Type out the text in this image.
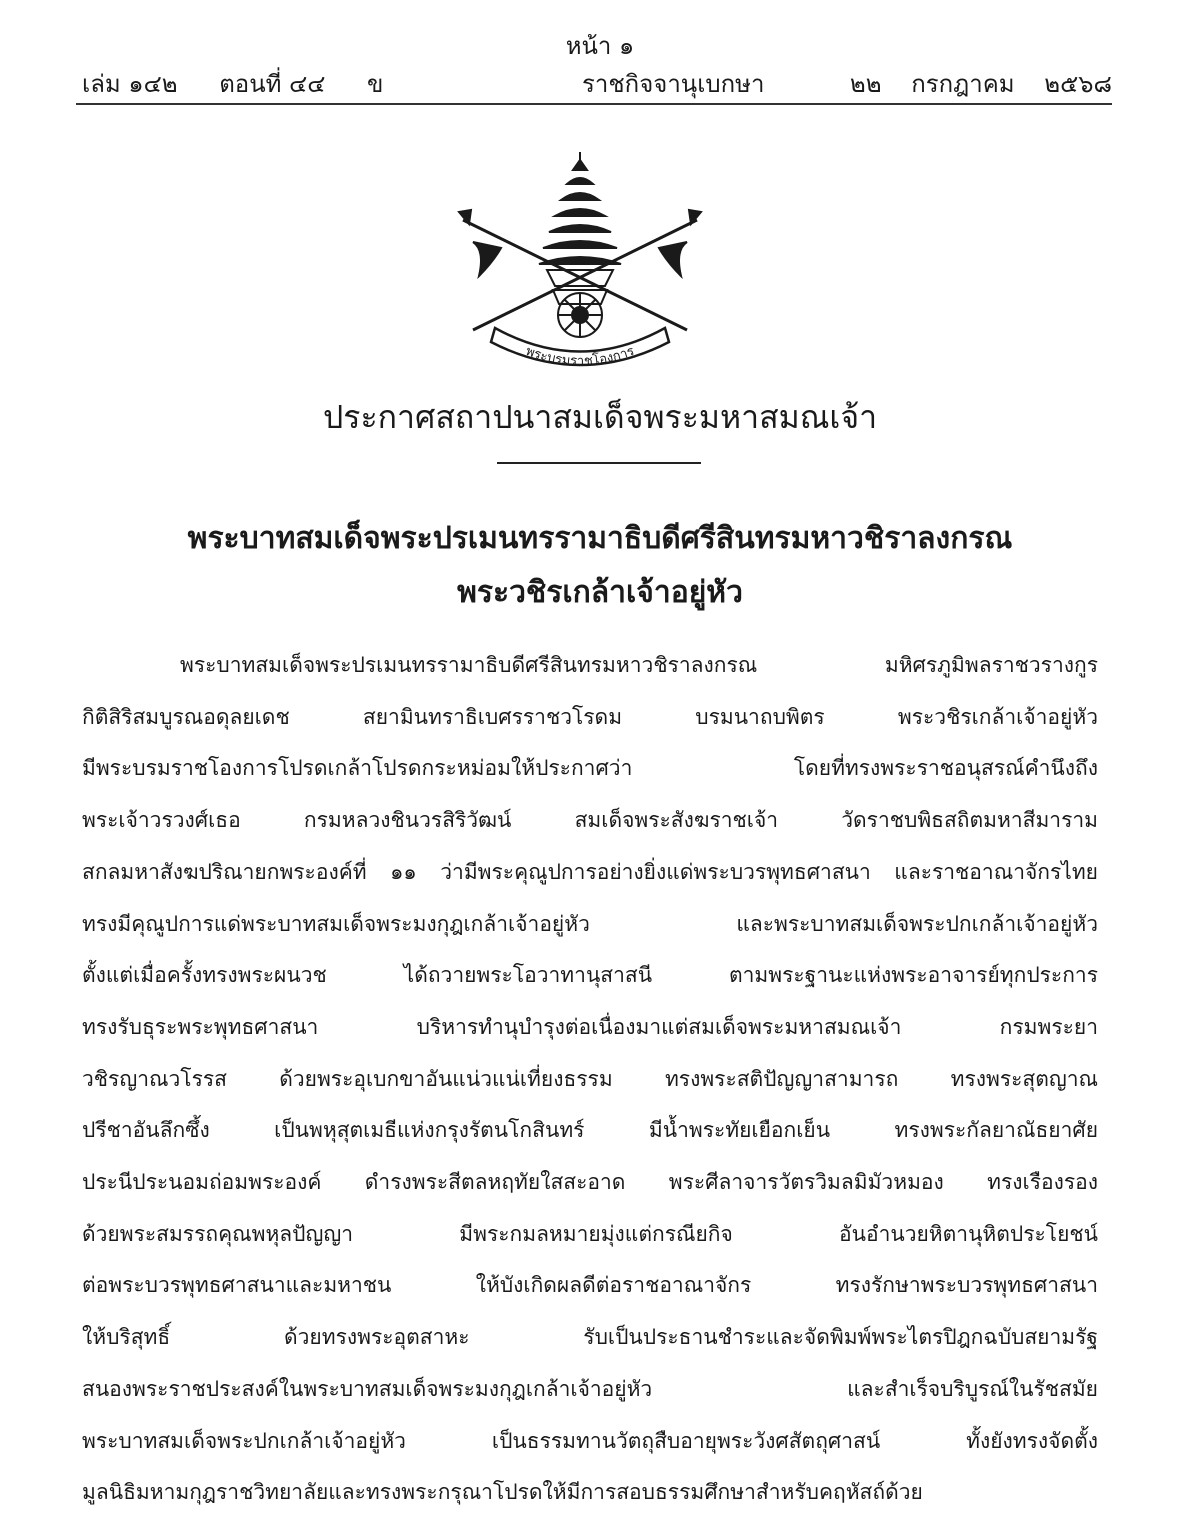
หน้า ๑
เล่ม ๑๔๒ ตอนที่ ๔๔ ข	ราชกิจจานุเบกษา	๒๒ กรกฎาคม ๒๕๖๘
พระบรมราชโองการ
ประกาศสถาปนาสมเด็จพระมหาสมณเจ้า
พระบาทสมเด็จพระปรเมนทรรามาธิบดีศรีสินทรมหาวชิราลงกรณ
พระวชิรเกล้าเจ้าอยู่หัว
พระบาทสมเด็จพระปรเมนทรรามาธิบดีศรีสินทรมหาวชิราลงกรณ มหิศรภูมิพลราชวรางกูร
กิติสิริสมบูรณอดุลยเดช สยามินทราธิเบศรราชวโรดม บรมนาถบพิตร พระวชิรเกล้าเจ้าอยู่หัว
มีพระบรมราชโองการโปรดเกล้าโปรดกระหม่อมให้ประกาศว่า โดยที่ทรงพระราชอนุสรณ์คำนึงถึง
พระเจ้าวรวงศ์เธอ กรมหลวงชินวรสิริวัฒน์ สมเด็จพระสังฆราชเจ้า วัดราชบพิธสถิตมหาสีมาราม
สกลมหาสังฆปริณายกพระองค์ที่ ๑๑ ว่ามีพระคุณูปการอย่างยิ่งแด่พระบวรพุทธศาสนา และราชอาณาจักรไทย
ทรงมีคุณูปการแด่พระบาทสมเด็จพระมงกุฎเกล้าเจ้าอยู่หัว และพระบาทสมเด็จพระปกเกล้าเจ้าอยู่หัว
ตั้งแต่เมื่อครั้งทรงพระผนวช ได้ถวายพระโอวาทานุสาสนี ตามพระฐานะแห่งพระอาจารย์ทุกประการ
ทรงรับธุระพระพุทธศาสนา บริหารทำนุบำรุงต่อเนื่องมาแต่สมเด็จพระมหาสมณเจ้า กรมพระยา
วชิรญาณวโรรส ด้วยพระอุเบกขาอันแน่วแน่เที่ยงธรรม ทรงพระสติปัญญาสามารถ ทรงพระสุตญาณ
ปรีชาอันลึกซึ้ง เป็นพหุสุตเมธีแห่งกรุงรัตนโกสินทร์ มีน้ำพระทัยเยือกเย็น ทรงพระกัลยาณัธยาศัย
ประนีประนอมถ่อมพระองค์ ดำรงพระสีตลหฤทัยใสสะอาด พระศีลาจารวัตรวิมลมิมัวหมอง ทรงเรืองรอง
ด้วยพระสมรรถคุณพหุลปัญญา มีพระกมลหมายมุ่งแต่กรณียกิจ อันอำนวยหิตานุหิตประโยชน์
ต่อพระบวรพุทธศาสนาและมหาชน ให้บังเกิดผลดีต่อราชอาณาจักร ทรงรักษาพระบวรพุทธศาสนา
ให้บริสุทธิ์ ด้วยทรงพระอุตสาหะ รับเป็นประธานชำระและจัดพิมพ์พระไตรปิฎกฉบับสยามรัฐ
สนองพระราชประสงค์ในพระบาทสมเด็จพระมงกุฎเกล้าเจ้าอยู่หัว และสำเร็จบริบูรณ์ในรัชสมัย
พระบาทสมเด็จพระปกเกล้าเจ้าอยู่หัว เป็นธรรมทานวัตถุสืบอายุพระวังศสัตถุศาสน์ ทั้งยังทรงจัดตั้ง
มูลนิธิมหามกุฎราชวิทยาลัยและทรงพระกรุณาโปรดให้มีการสอบธรรมศึกษาสำหรับคฤหัสถ์ด้วย
